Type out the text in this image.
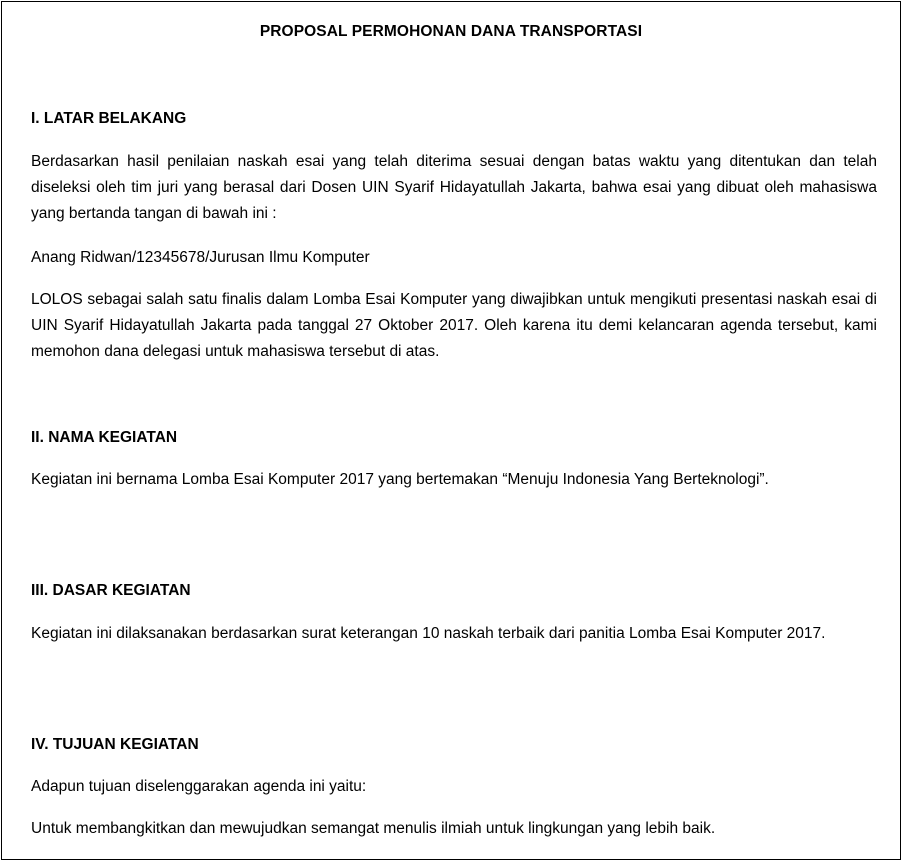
PROPOSAL PERMOHONAN DANA TRANSPORTASI
I. LATAR BELAKANG
Berdasarkan hasil penilaian naskah esai yang telah diterima sesuai dengan batas waktu yang ditentukan dan telah diseleksi oleh tim juri yang berasal dari Dosen UIN Syarif Hidayatullah Jakarta, bahwa esai yang dibuat oleh mahasiswa yang bertanda tangan di bawah ini :
Anang Ridwan/12345678/Jurusan Ilmu Komputer
LOLOS sebagai salah satu finalis dalam Lomba Esai Komputer yang diwajibkan untuk mengikuti presentasi naskah esai di UIN Syarif Hidayatullah Jakarta pada tanggal 27 Oktober 2017. Oleh karena itu demi kelancaran agenda tersebut, kami memohon dana delegasi untuk mahasiswa tersebut di atas.
II. NAMA KEGIATAN
Kegiatan ini bernama Lomba Esai Komputer 2017 yang bertemakan “Menuju Indonesia Yang Berteknologi”.
III. DASAR KEGIATAN
Kegiatan ini dilaksanakan berdasarkan surat keterangan 10 naskah terbaik dari panitia Lomba Esai Komputer 2017.
IV. TUJUAN KEGIATAN
Adapun tujuan diselenggarakan agenda ini yaitu:
Untuk membangkitkan dan mewujudkan semangat menulis ilmiah untuk lingkungan yang lebih baik.
